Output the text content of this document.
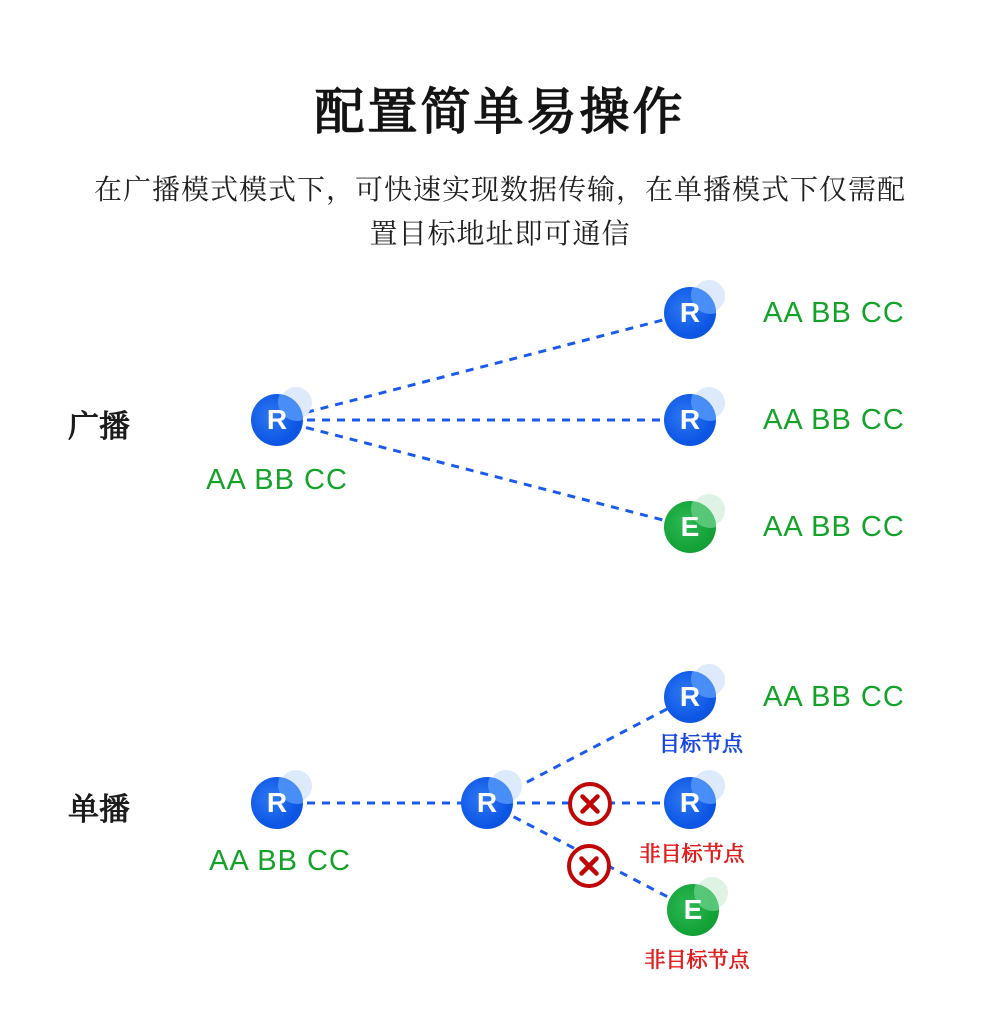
配置简单易操作

在广播模式模式下，可快速实现数据传输，在单播模式下仅需配
置目标地址即可通信

广播	R
AA BB CC
R	AA BB CC
R	AA BB CC
E	AA BB CC
单播	R
AA BB CC
R
R	AA BB CC
目标节点
R
非目标节点
E
非目标节点
